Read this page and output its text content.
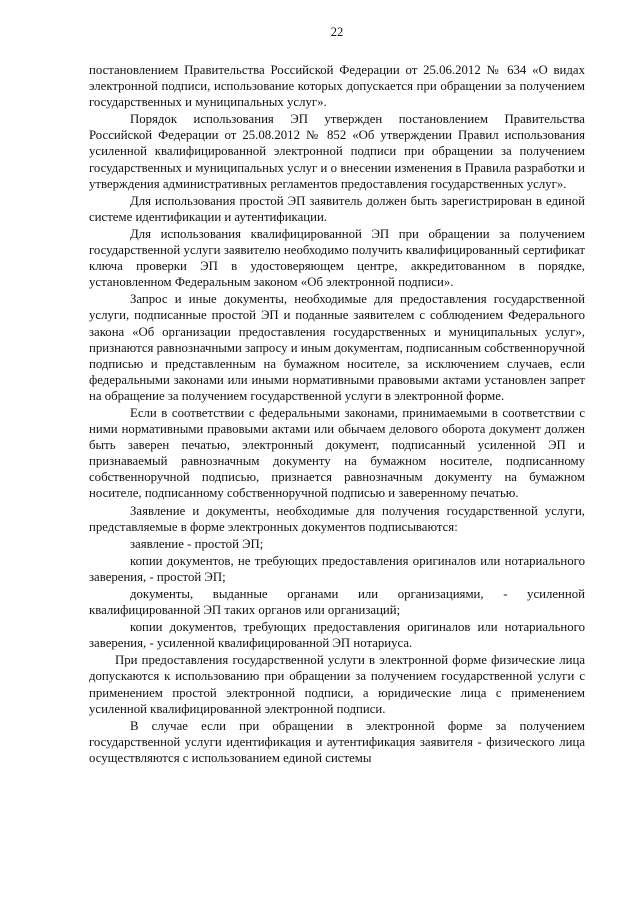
22

постановлением Правительства Российской Федерации от 25.06.2012 № 634 «О видах электронной подписи, использование которых допускается при обращении за получением государственных и муниципальных услуг».

Порядок использования ЭП утвержден постановлением Правительства Российской Федерации от 25.08.2012 № 852 «Об утверждении Правил использования усиленной квалифицированной электронной подписи при обращении за получением государственных и муниципальных услуг и о внесении изменения в Правила разработки и утверждения административных регламентов предоставления государственных услуг».

Для использования простой ЭП заявитель должен быть зарегистрирован в единой системе идентификации и аутентификации.

Для использования квалифицированной ЭП при обращении за получением государственной услуги заявителю необходимо получить квалифицированный сертификат ключа проверки ЭП в удостоверяющем центре, аккредитованном в порядке, установленном Федеральным законом «Об электронной подписи».

Запрос и иные документы, необходимые для предоставления государственной услуги, подписанные простой ЭП и поданные заявителем с соблюдением Федерального закона «Об организации предоставления государственных и муниципальных услуг», признаются равнозначными запросу и иным документам, подписанным собственноручной подписью и представленным на бумажном носителе, за исключением случаев, если федеральными законами или иными нормативными правовыми актами установлен запрет на обращение за получением государственной услуги в электронной форме.

Если в соответствии с федеральными законами, принимаемыми в соответствии с ними нормативными правовыми актами или обычаем делового оборота документ должен быть заверен печатью, электронный документ, подписанный усиленной ЭП и признаваемый равнозначным документу на бумажном носителе, подписанному собственноручной подписью, признается равнозначным документу на бумажном носителе, подписанному собственноручной подписью и заверенному печатью.

Заявление и документы, необходимые для получения государственной услуги, представляемые в форме электронных документов подписываются:

заявление - простой ЭП;

копии документов, не требующих предоставления оригиналов или нотариального заверения, - простой ЭП;

документы, выданные органами или организациями, - усиленной квалифицированной ЭП таких органов или организаций;

копии документов, требующих предоставления оригиналов или нотариального заверения, - усиленной квалифицированной ЭП нотариуса.

При предоставления государственной услуги в электронной форме физические лица допускаются к использованию при обращении за получением государственной услуги с применением простой электронной подписи, а юридические лица с применением усиленной квалифицированной электронной подписи.

В случае если при обращении в электронной форме за получением государственной услуги идентификация и аутентификация заявителя - физического лица осуществляются с использованием единой системы
